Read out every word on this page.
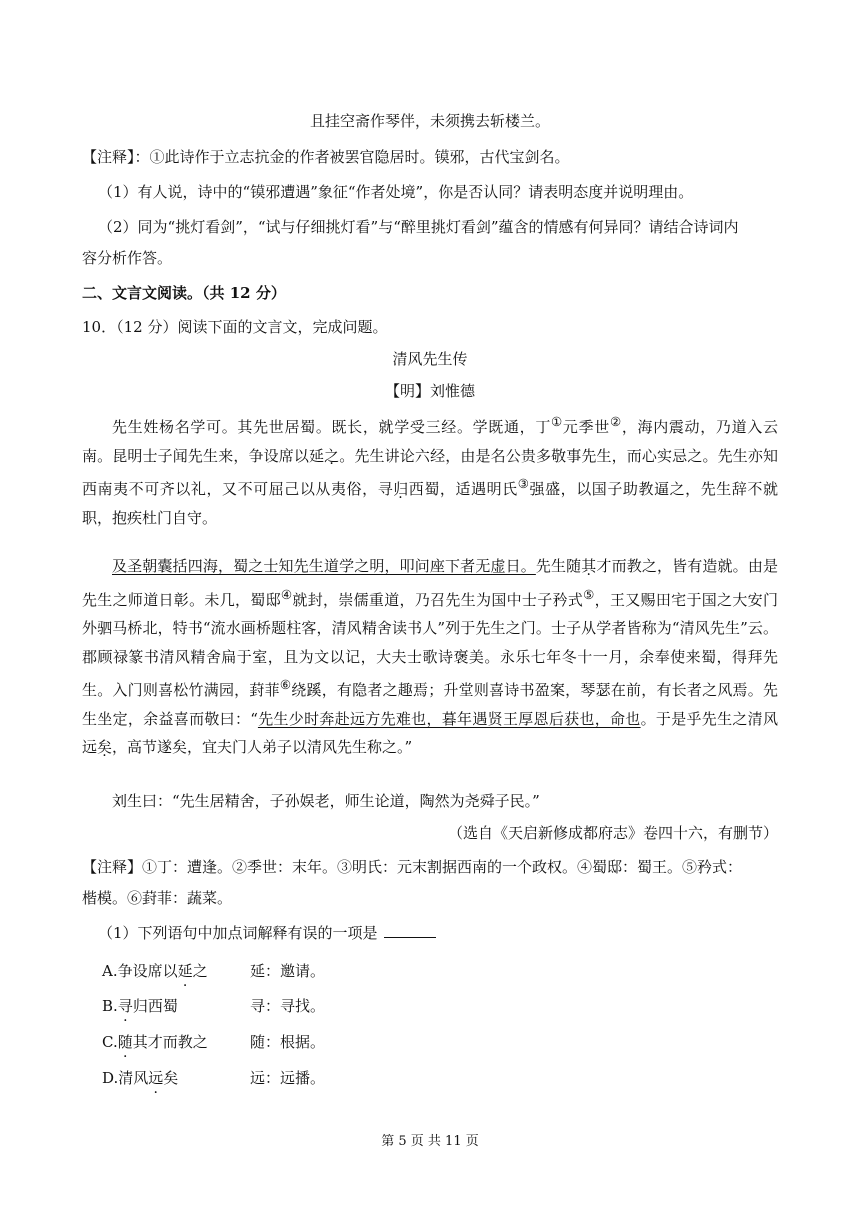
且挂空斋作琴伴，未须携去斩楼兰。
【注释】：①此诗作于立志抗金的作者被罢官隐居时。镆邪，古代宝剑名。
（1）有人说，诗中的“镆邪遭遇”象征“作者处境”，你是否认同？请表明态度并说明理由。
（2）同为“挑灯看剑”，“试与仔细挑灯看”与“醉里挑灯看剑”蕴含的情感有何异同？请结合诗词内
容分析作答。
二、文言文阅读。（共 12 分）
10．（12 分）阅读下面的文言文，完成问题。
清风先生传
【明】刘惟德
先生姓杨名学可。其先世居蜀。既长，就学受三经。学既通，丁①元季世②，海内震动，乃道入云南。昆明士子闻先生来，争设席以延之。先生讲论六经，由是名公贵多敬事先生，而心实忌之。先生亦知西南夷不可齐以礼，又不可屈己以从夷俗，寻归西蜀，适遇明氏③强盛，以国子助教逼之，先生辞不就职，抱疾杜门自守。
及圣朝囊括四海，蜀之士知先生道学之明，叩问座下者无虚日。先生随其才而教之，皆有造就。由是先生之师道日彰。未几，蜀邸④就封，崇儒重道，乃召先生为国中士子矜式⑤，王又赐田宅于国之大安门外驷马桥北，特书“流水画桥题柱客，清风精舍读书人”列于先生之门。士子从学者皆称为“清风先生”云。郡顾禄篆书清风精舍扁于室，且为文以记，大夫士歌诗褒美。永乐七年冬十一月，余奉使来蜀，得拜先生。入门则喜松竹满园，葑菲⑥绕蹊，有隐者之趣焉；升堂则喜诗书盈案，琴瑟在前，有长者之风焉。先生坐定，余益喜而敬曰：“先生少时奔赴远方先难也，暮年遇贤王厚恩后获也，命也。于是乎先生之清风远矣，高节遂矣，宜夫门人弟子以清风先生称之。”
刘生曰：“先生居精舍，子孙娱老，师生论道，陶然为尧舜子民。”
（选自《天启新修成都府志》卷四十六，有删节）
【注释】①丁：遭逢。②季世：末年。③明氏：元末割据西南的一个政权。④蜀邸：蜀王。⑤矜式：
楷模。⑥葑菲：蔬菜。
（1）下列语句中加点词解释有误的一项是
A.争设席以延之	延：邀请。
B.寻归西蜀	寻：寻找。
C.随其才而教之	随：根据。
D.清风远矣	远：远播。
第 5 页 共 11 页
